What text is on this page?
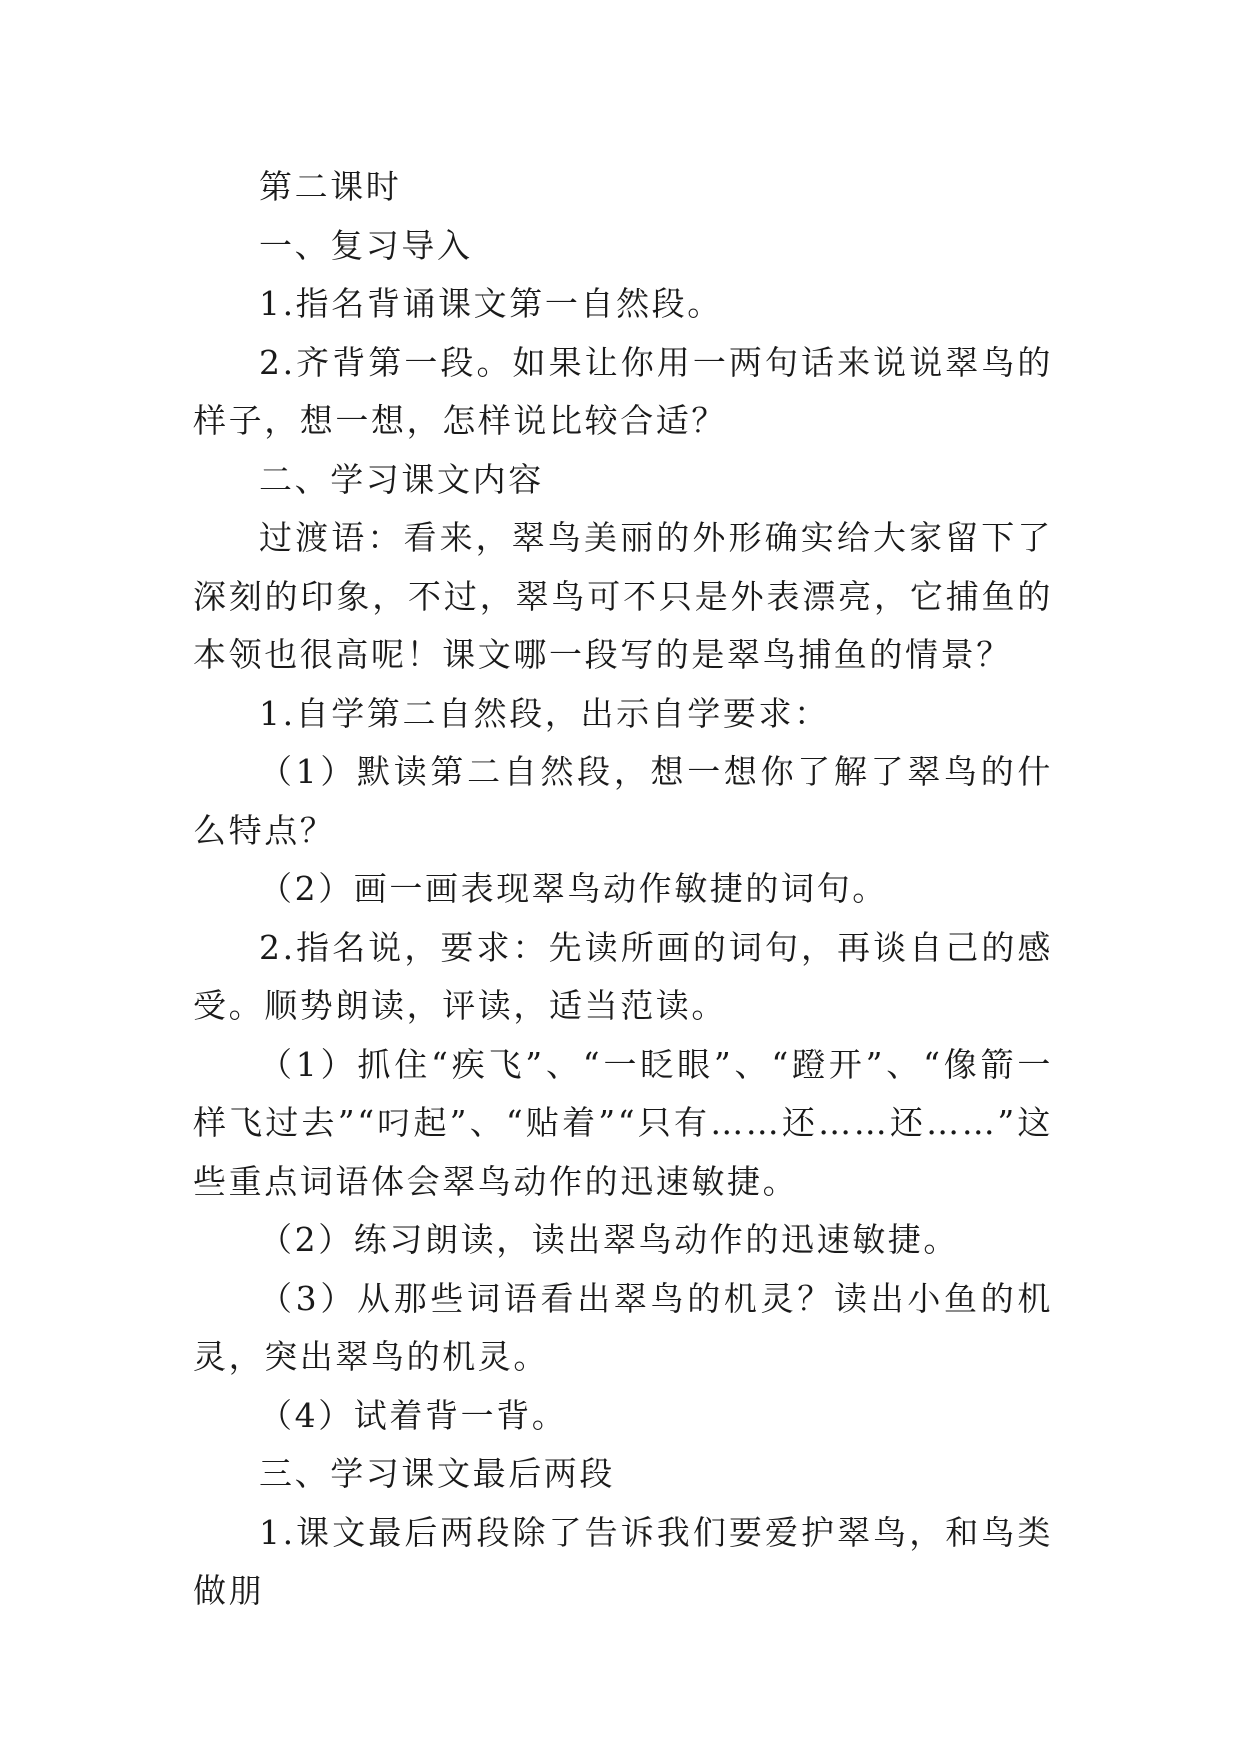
第二课时

一、复习导入

1.指名背诵课文第一自然段。

2.齐背第一段。如果让你用一两句话来说说翠鸟的样子，想一想，怎样说比较合适？

二、学习课文内容

过渡语：看来，翠鸟美丽的外形确实给大家留下了深刻的印象，不过，翠鸟可不只是外表漂亮，它捕鱼的本领也很高呢！课文哪一段写的是翠鸟捕鱼的情景？

1.自学第二自然段，出示自学要求：

（1）默读第二自然段，想一想你了解了翠鸟的什么特点？

（2）画一画表现翠鸟动作敏捷的词句。

2.指名说，要求：先读所画的词句，再谈自己的感受。顺势朗读，评读，适当范读。

（1）抓住“疾飞”、“一眨眼”、“蹬开”、“像箭一样飞过去”“叼起”、“贴着”“只有……还……还……”这些重点词语体会翠鸟动作的迅速敏捷。

（2）练习朗读，读出翠鸟动作的迅速敏捷。

（3）从那些词语看出翠鸟的机灵？读出小鱼的机灵，突出翠鸟的机灵。

（4）试着背一背。

三、学习课文最后两段

1.课文最后两段除了告诉我们要爱护翠鸟，和鸟类做朋
